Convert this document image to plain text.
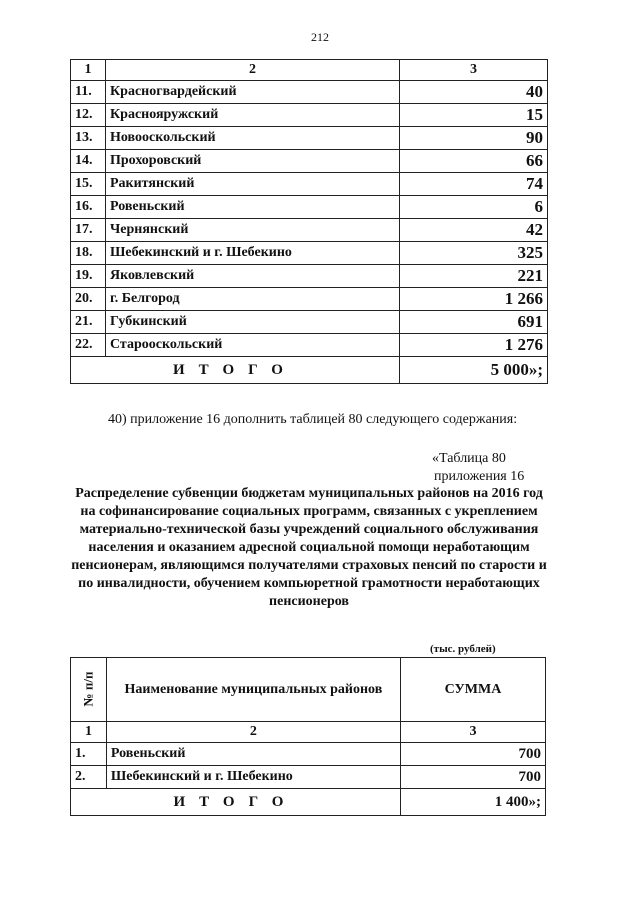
212
1	2	3
11.	Красногвардейский	40
12.	Краснояружский	15
13.	Новооскольский	90
14.	Прохоровский	66
15.	Ракитянский	74
16.	Ровеньский	6
17.	Чернянский	42
18.	Шебекинский и г. Шебекино	325
19.	Яковлевский	221
20.	г. Белгород	1 266
21.	Губкинский	691
22.	Старооскольский	1 276
ИТОГО		5 000»;
40) приложение 16 дополнить таблицей 80 следующего содержания:
«Таблица 80
приложения 16
Распределение субвенции бюджетам муниципальных районов на 2016 год на софинансирование социальных программ, связанных с укреплением материально-технической базы учреждений социального обслуживания населения и оказанием адресной социальной помощи неработающим пенсионерам, являющимся получателями страховых пенсий по старости и по инвалидности, обучением компьюретной грамотности неработающих пенсионеров
(тыс. рублей)
№ п/п	Наименование муниципальных районов	СУММА
1	2	3
1.	Ровеньский	700
2.	Шебекинский и г. Шебекино	700
ИТОГО		1 400»;
